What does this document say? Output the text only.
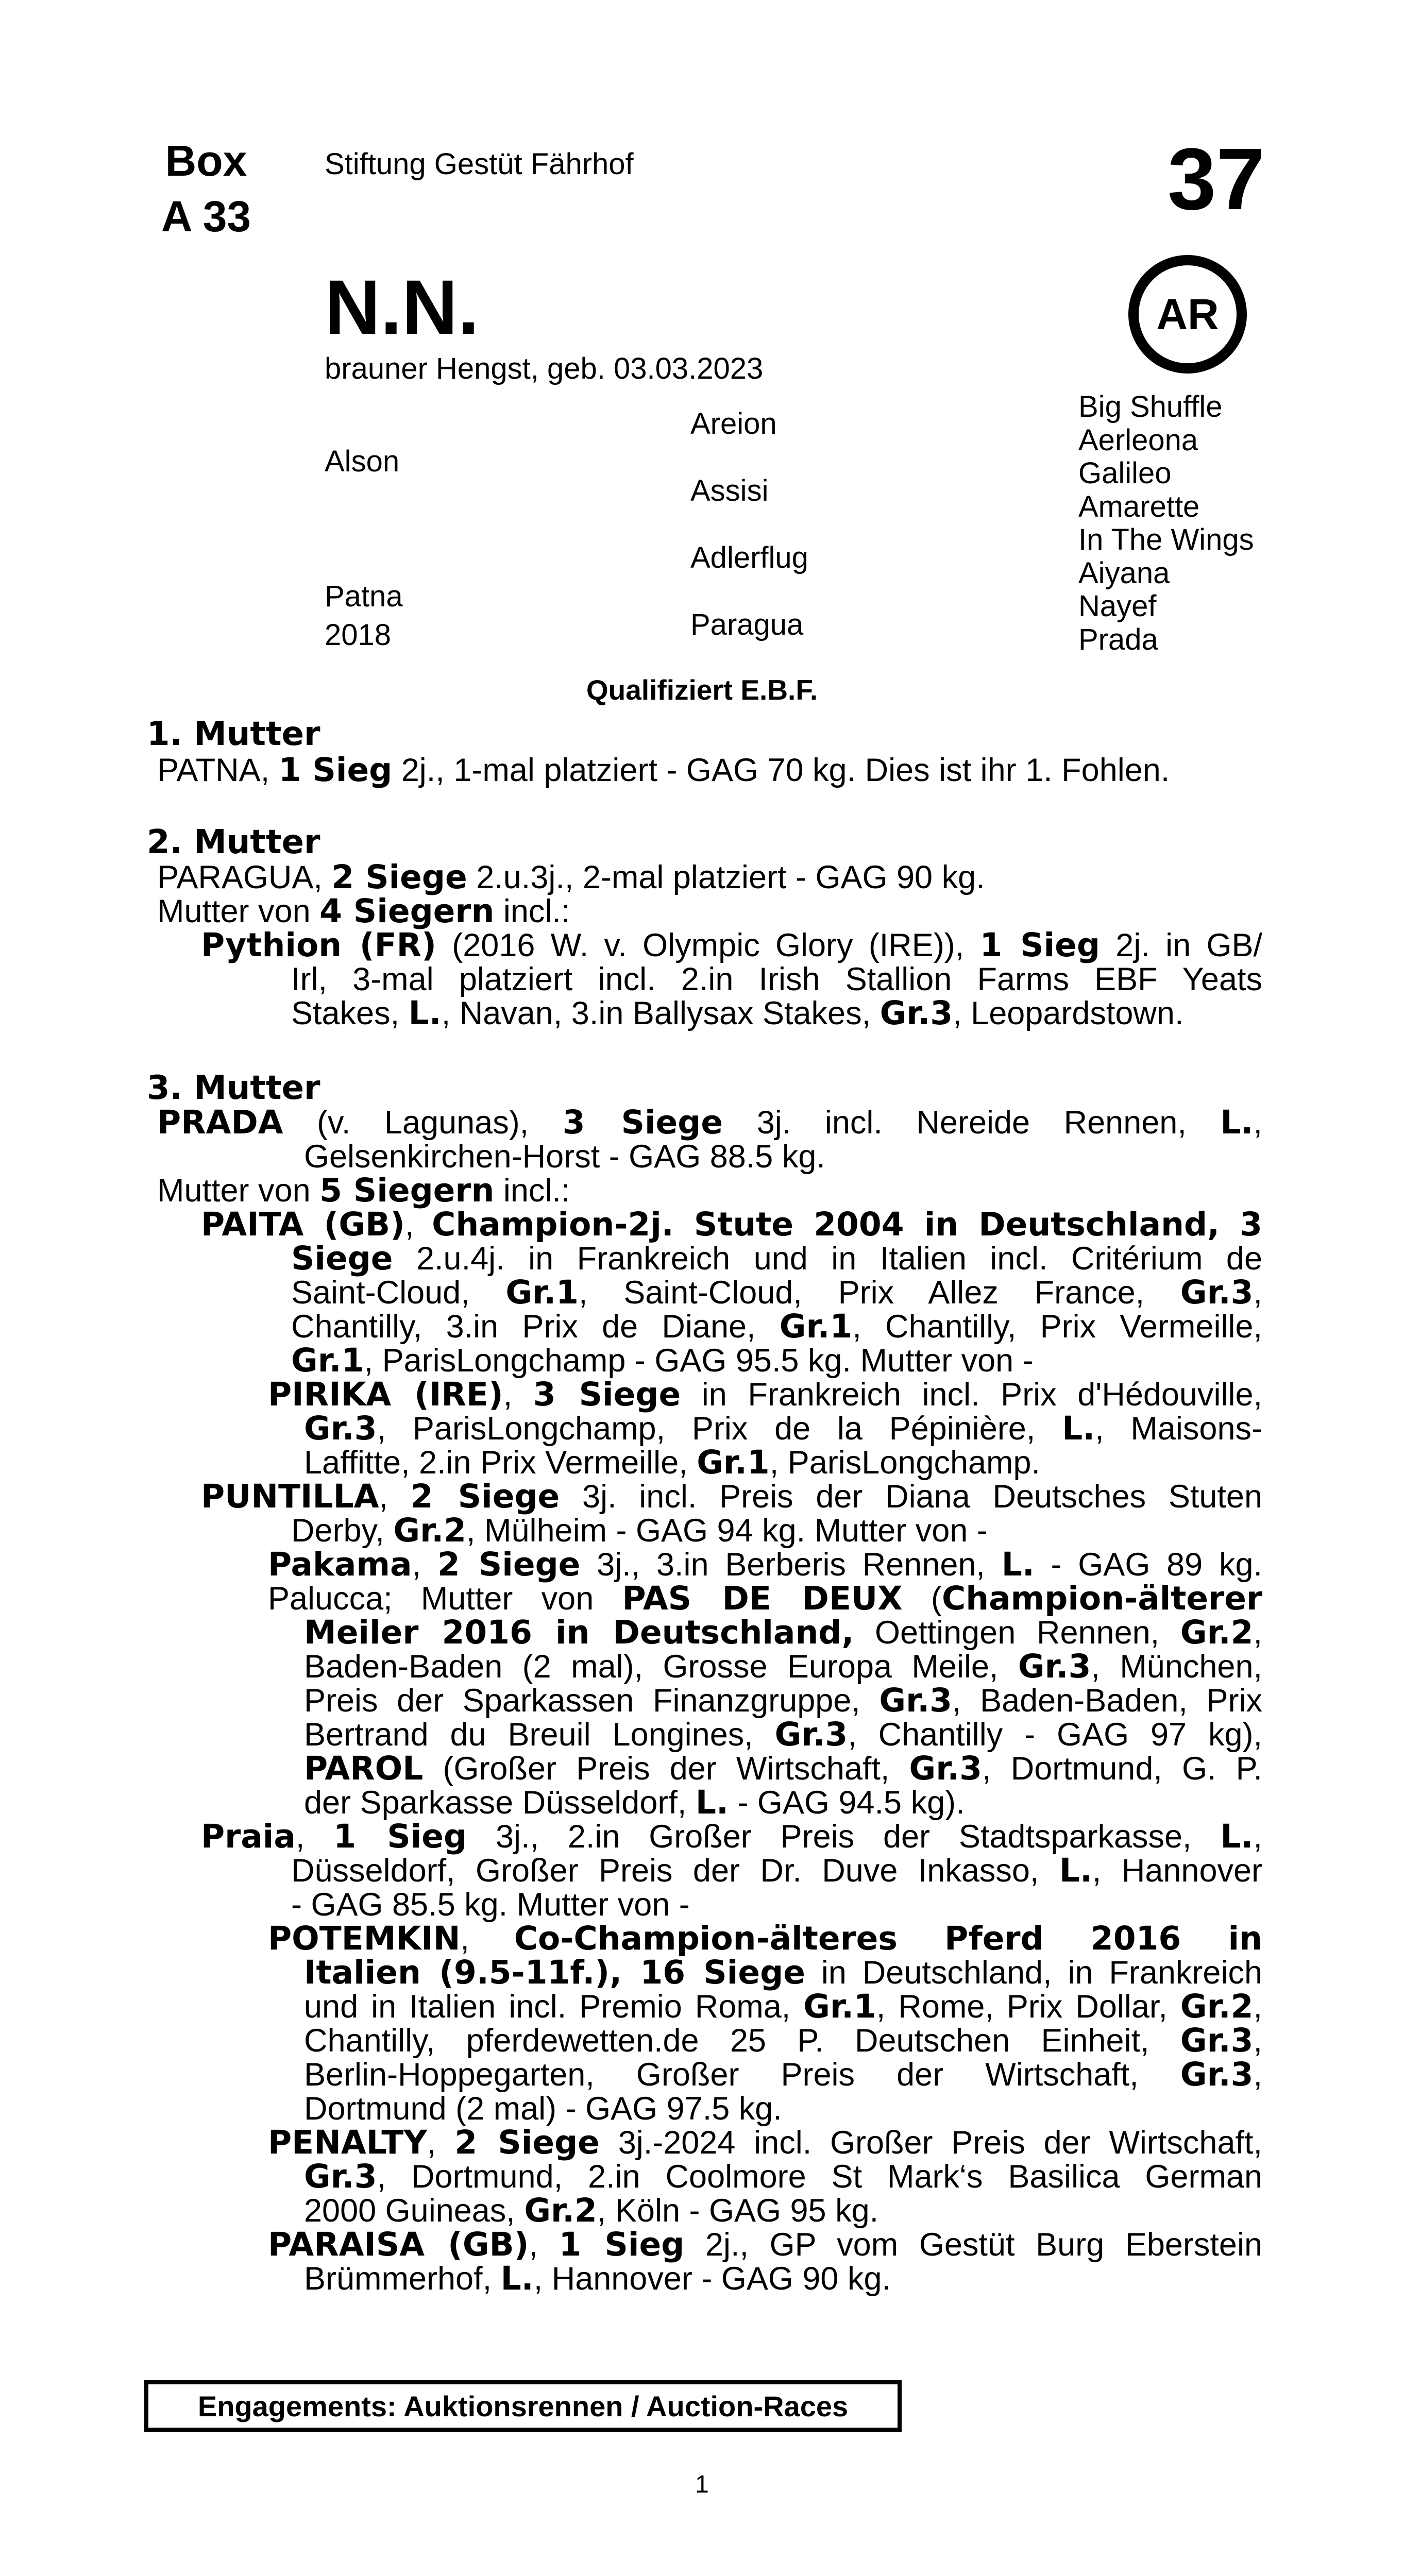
Box
A 33
Stiftung Gestüt Fährhof	37
AR
N.N.
brauner Hengst, geb. 03.03.2023
Alson
Patna
2018
Areion
Assisi
Adlerflug
Paragua
Big Shuffle
Aerleona
Galileo
Amarette
In The Wings
Aiyana
Nayef
Prada
Qualifiziert E.B.F.
1. Mutter
PATNA, 1 Sieg 2j., 1-mal platziert - GAG 70 kg. Dies ist ihr 1. Fohlen.
2. Mutter
PARAGUA, 2 Siege 2.u.3j., 2-mal platziert - GAG 90 kg.
Mutter von 4 Siegern incl.:
Pythion (FR) (2016 W. v. Olympic Glory (IRE)), 1 Sieg 2j. in GB/
Irl, 3-mal platziert incl. 2.in Irish Stallion Farms EBF Yeats
Stakes, L., Navan, 3.in Ballysax Stakes, Gr.3, Leopardstown.
3. Mutter
PRADA (v. Lagunas), 3 Siege 3j. incl. Nereide Rennen, L.,
Gelsenkirchen-Horst - GAG 88.5 kg.
Mutter von 5 Siegern incl.:
PAITA (GB), Champion-2j. Stute 2004 in Deutschland, 3
Siege 2.u.4j. in Frankreich und in Italien incl. Critérium de
Saint-Cloud, Gr.1, Saint-Cloud, Prix Allez France, Gr.3,
Chantilly, 3.in Prix de Diane, Gr.1, Chantilly, Prix Vermeille,
Gr.1, ParisLongchamp - GAG 95.5 kg. Mutter von -
PIRIKA (IRE), 3 Siege in Frankreich incl. Prix d'Hédouville,
Gr.3, ParisLongchamp, Prix de la Pépinière, L., Maisons-
Laffitte, 2.in Prix Vermeille, Gr.1, ParisLongchamp.
PUNTILLA, 2 Siege 3j. incl. Preis der Diana Deutsches Stuten
Derby, Gr.2, Mülheim - GAG 94 kg. Mutter von -
Pakama, 2 Siege 3j., 3.in Berberis Rennen, L. - GAG 89 kg.
Palucca; Mutter von PAS DE DEUX (Champion-älterer
Meiler 2016 in Deutschland, Oettingen Rennen, Gr.2,
Baden-Baden (2 mal), Grosse Europa Meile, Gr.3, München,
Preis der Sparkassen Finanzgruppe, Gr.3, Baden-Baden, Prix
Bertrand du Breuil Longines, Gr.3, Chantilly - GAG 97 kg),
PAROL (Großer Preis der Wirtschaft, Gr.3, Dortmund, G. P.
der Sparkasse Düsseldorf, L. - GAG 94.5 kg).
Praia, 1 Sieg 3j., 2.in Großer Preis der Stadtsparkasse, L.,
Düsseldorf, Großer Preis der Dr. Duve Inkasso, L., Hannover
- GAG 85.5 kg. Mutter von -
POTEMKIN, Co-Champion-älteres Pferd 2016 in
Italien (9.5-11f.), 16 Siege in Deutschland, in Frankreich
und in Italien incl. Premio Roma, Gr.1, Rome, Prix Dollar, Gr.2,
Chantilly, pferdewetten.de 25 P. Deutschen Einheit, Gr.3,
Berlin-Hoppegarten, Großer Preis der Wirtschaft, Gr.3,
Dortmund (2 mal) - GAG 97.5 kg.
PENALTY, 2 Siege 3j.-2024 incl. Großer Preis der Wirtschaft,
Gr.3, Dortmund, 2.in Coolmore St Mark‘s Basilica German
2000 Guineas, Gr.2, Köln - GAG 95 kg.
PARAISA (GB), 1 Sieg 2j., GP vom Gestüt Burg Eberstein
Brümmerhof, L., Hannover - GAG 90 kg.
Engagements: Auktionsrennen / Auction-Races
1
